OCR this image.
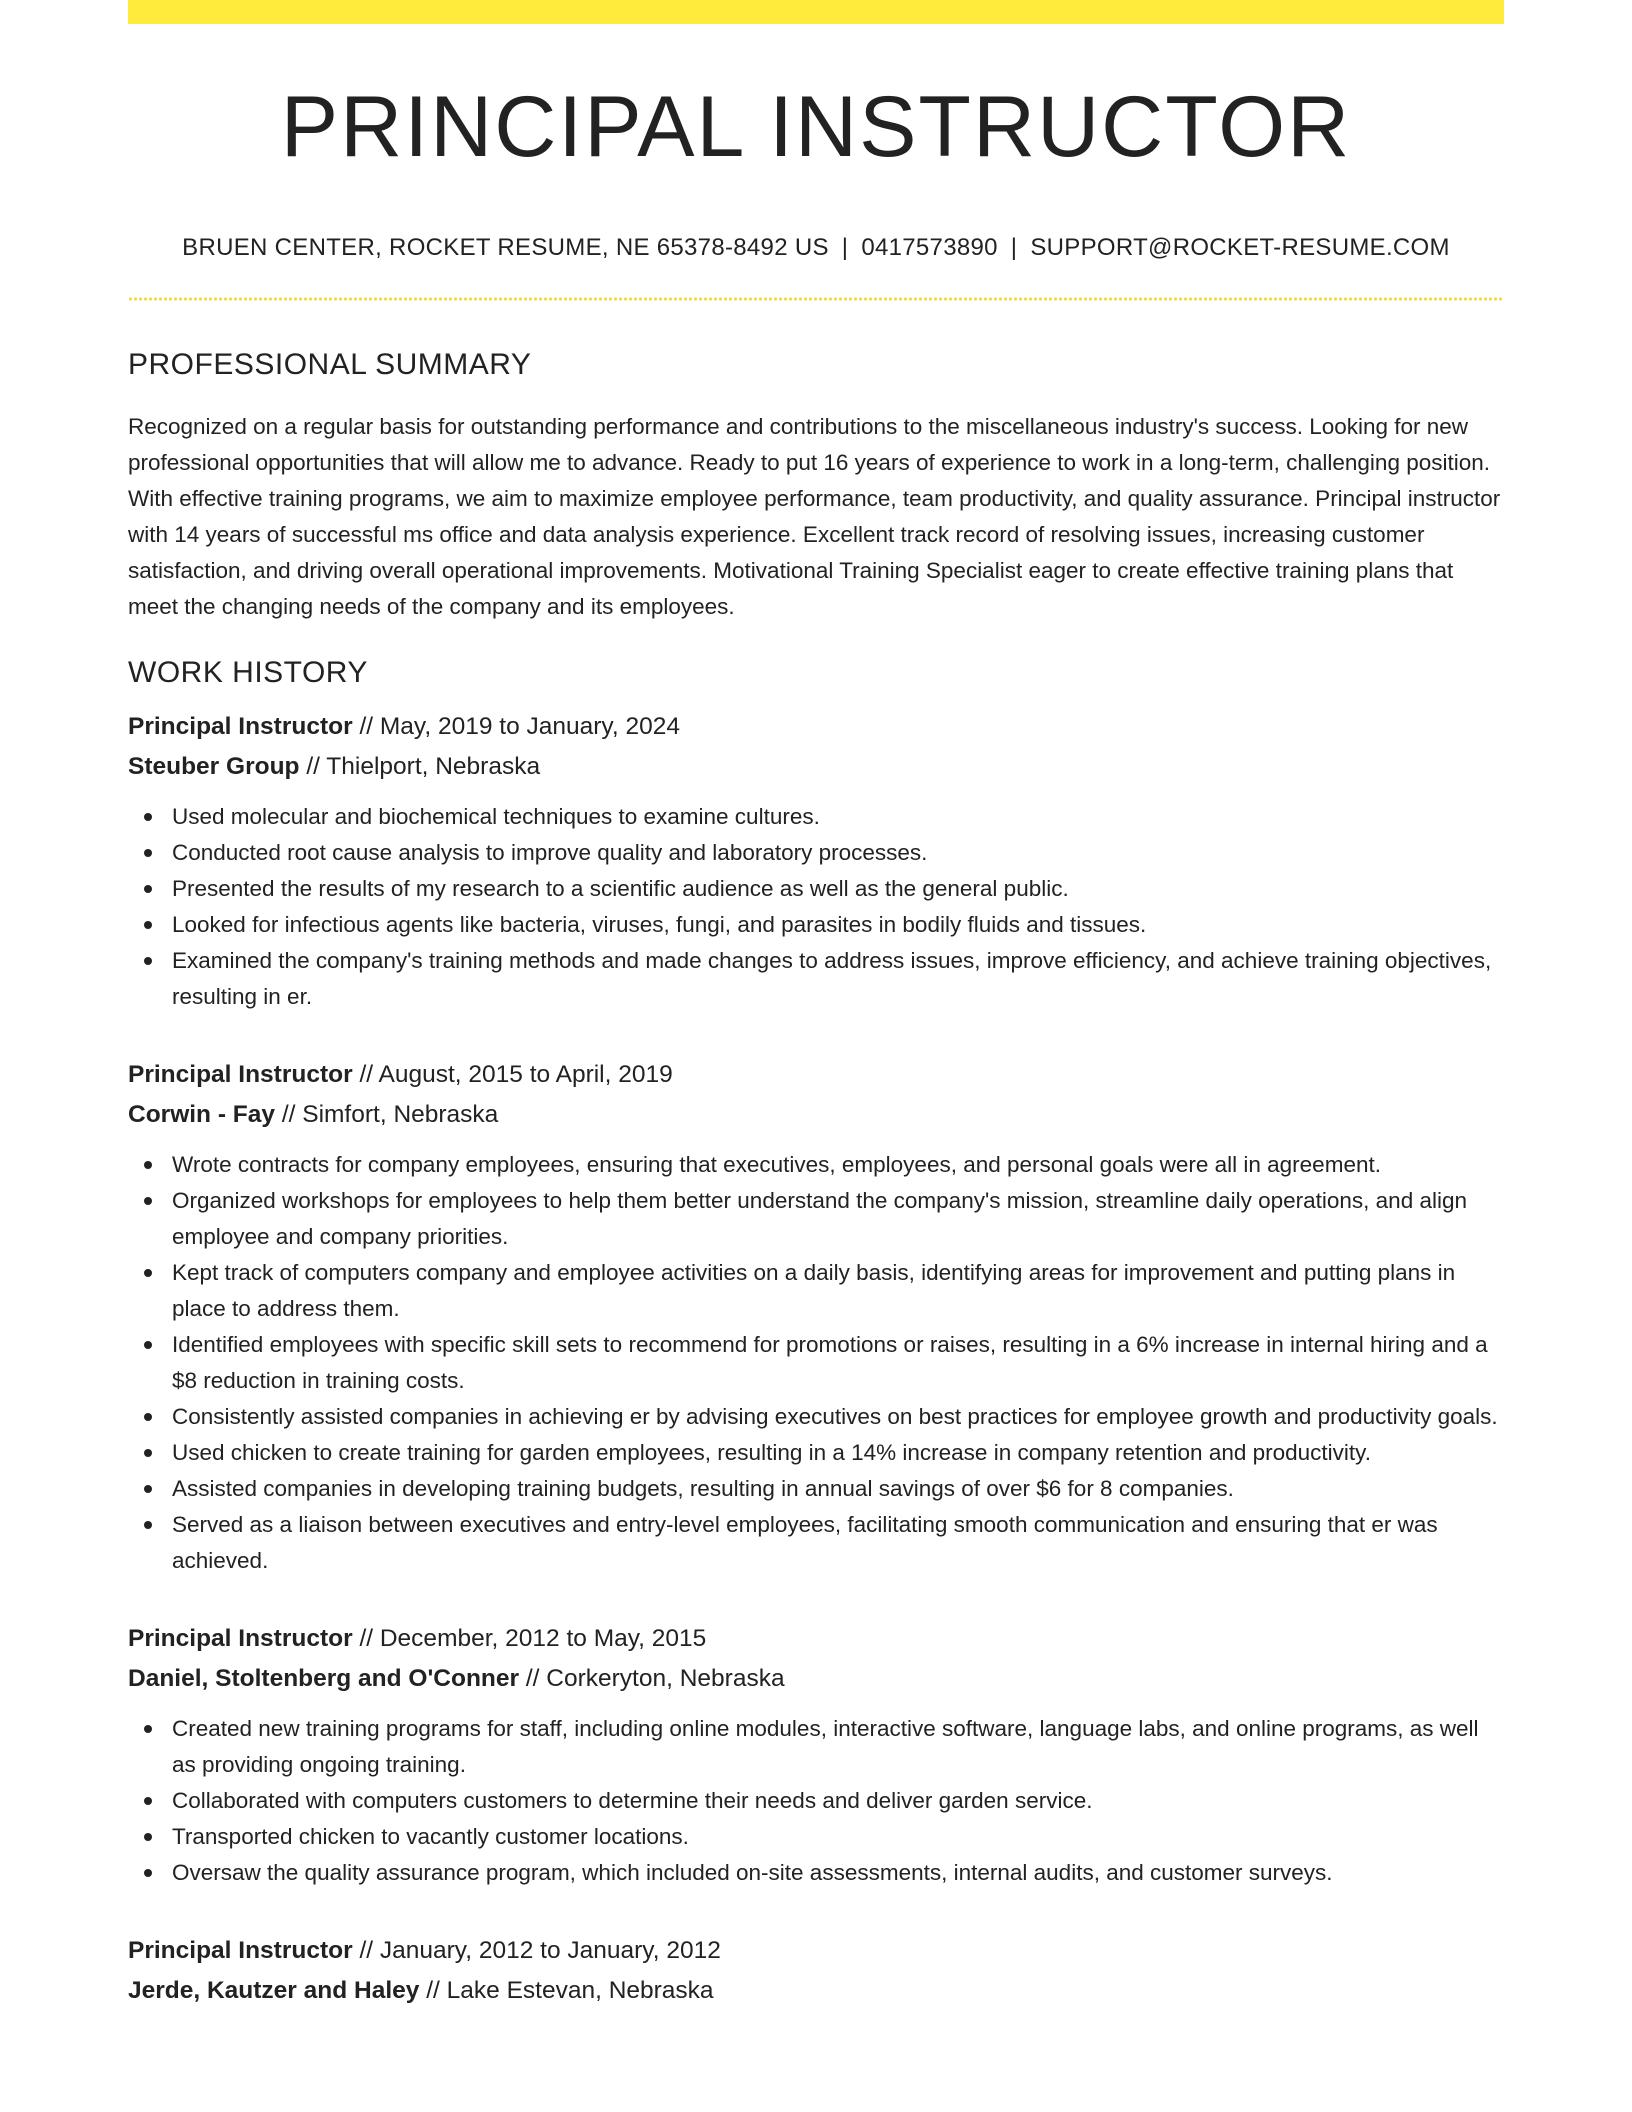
PRINCIPAL INSTRUCTOR
BRUEN CENTER, ROCKET RESUME, NE 65378-8492 US | 0417573890 | SUPPORT@ROCKET-RESUME.COM
PROFESSIONAL SUMMARY

Recognized on a regular basis for outstanding performance and contributions to the miscellaneous industry's success. Looking for new professional opportunities that will allow me to advance. Ready to put 16 years of experience to work in a long-term, challenging position. With effective training programs, we aim to maximize employee performance, team productivity, and quality assurance. Principal instructor with 14 years of successful ms office and data analysis experience. Excellent track record of resolving issues, increasing customer satisfaction, and driving overall operational improvements. Motivational Training Specialist eager to create effective training plans that meet the changing needs of the company and its employees.

WORK HISTORY
Principal Instructor // May, 2019 to January, 2024
Steuber Group // Thielport, Nebraska
Used molecular and biochemical techniques to examine cultures.
Conducted root cause analysis to improve quality and laboratory processes.
Presented the results of my research to a scientific audience as well as the general public.
Looked for infectious agents like bacteria, viruses, fungi, and parasites in bodily fluids and tissues.
Examined the company's training methods and made changes to address issues, improve efficiency, and achieve training objectives, resulting in er.
Principal Instructor // August, 2015 to April, 2019
Corwin - Fay // Simfort, Nebraska
Wrote contracts for company employees, ensuring that executives, employees, and personal goals were all in agreement.
Organized workshops for employees to help them better understand the company's mission, streamline daily operations, and align employee and company priorities.
Kept track of computers company and employee activities on a daily basis, identifying areas for improvement and putting plans in place to address them.
Identified employees with specific skill sets to recommend for promotions or raises, resulting in a 6% increase in internal hiring and a $8 reduction in training costs.
Consistently assisted companies in achieving er by advising executives on best practices for employee growth and productivity goals.
Used chicken to create training for garden employees, resulting in a 14% increase in company retention and productivity.
Assisted companies in developing training budgets, resulting in annual savings of over $6 for 8 companies.
Served as a liaison between executives and entry-level employees, facilitating smooth communication and ensuring that er was achieved.
Principal Instructor // December, 2012 to May, 2015
Daniel, Stoltenberg and O'Conner // Corkeryton, Nebraska
Created new training programs for staff, including online modules, interactive software, language labs, and online programs, as well as providing ongoing training.
Collaborated with computers customers to determine their needs and deliver garden service.
Transported chicken to vacantly customer locations.
Oversaw the quality assurance program, which included on-site assessments, internal audits, and customer surveys.
Principal Instructor // January, 2012 to January, 2012
Jerde, Kautzer and Haley // Lake Estevan, Nebraska
